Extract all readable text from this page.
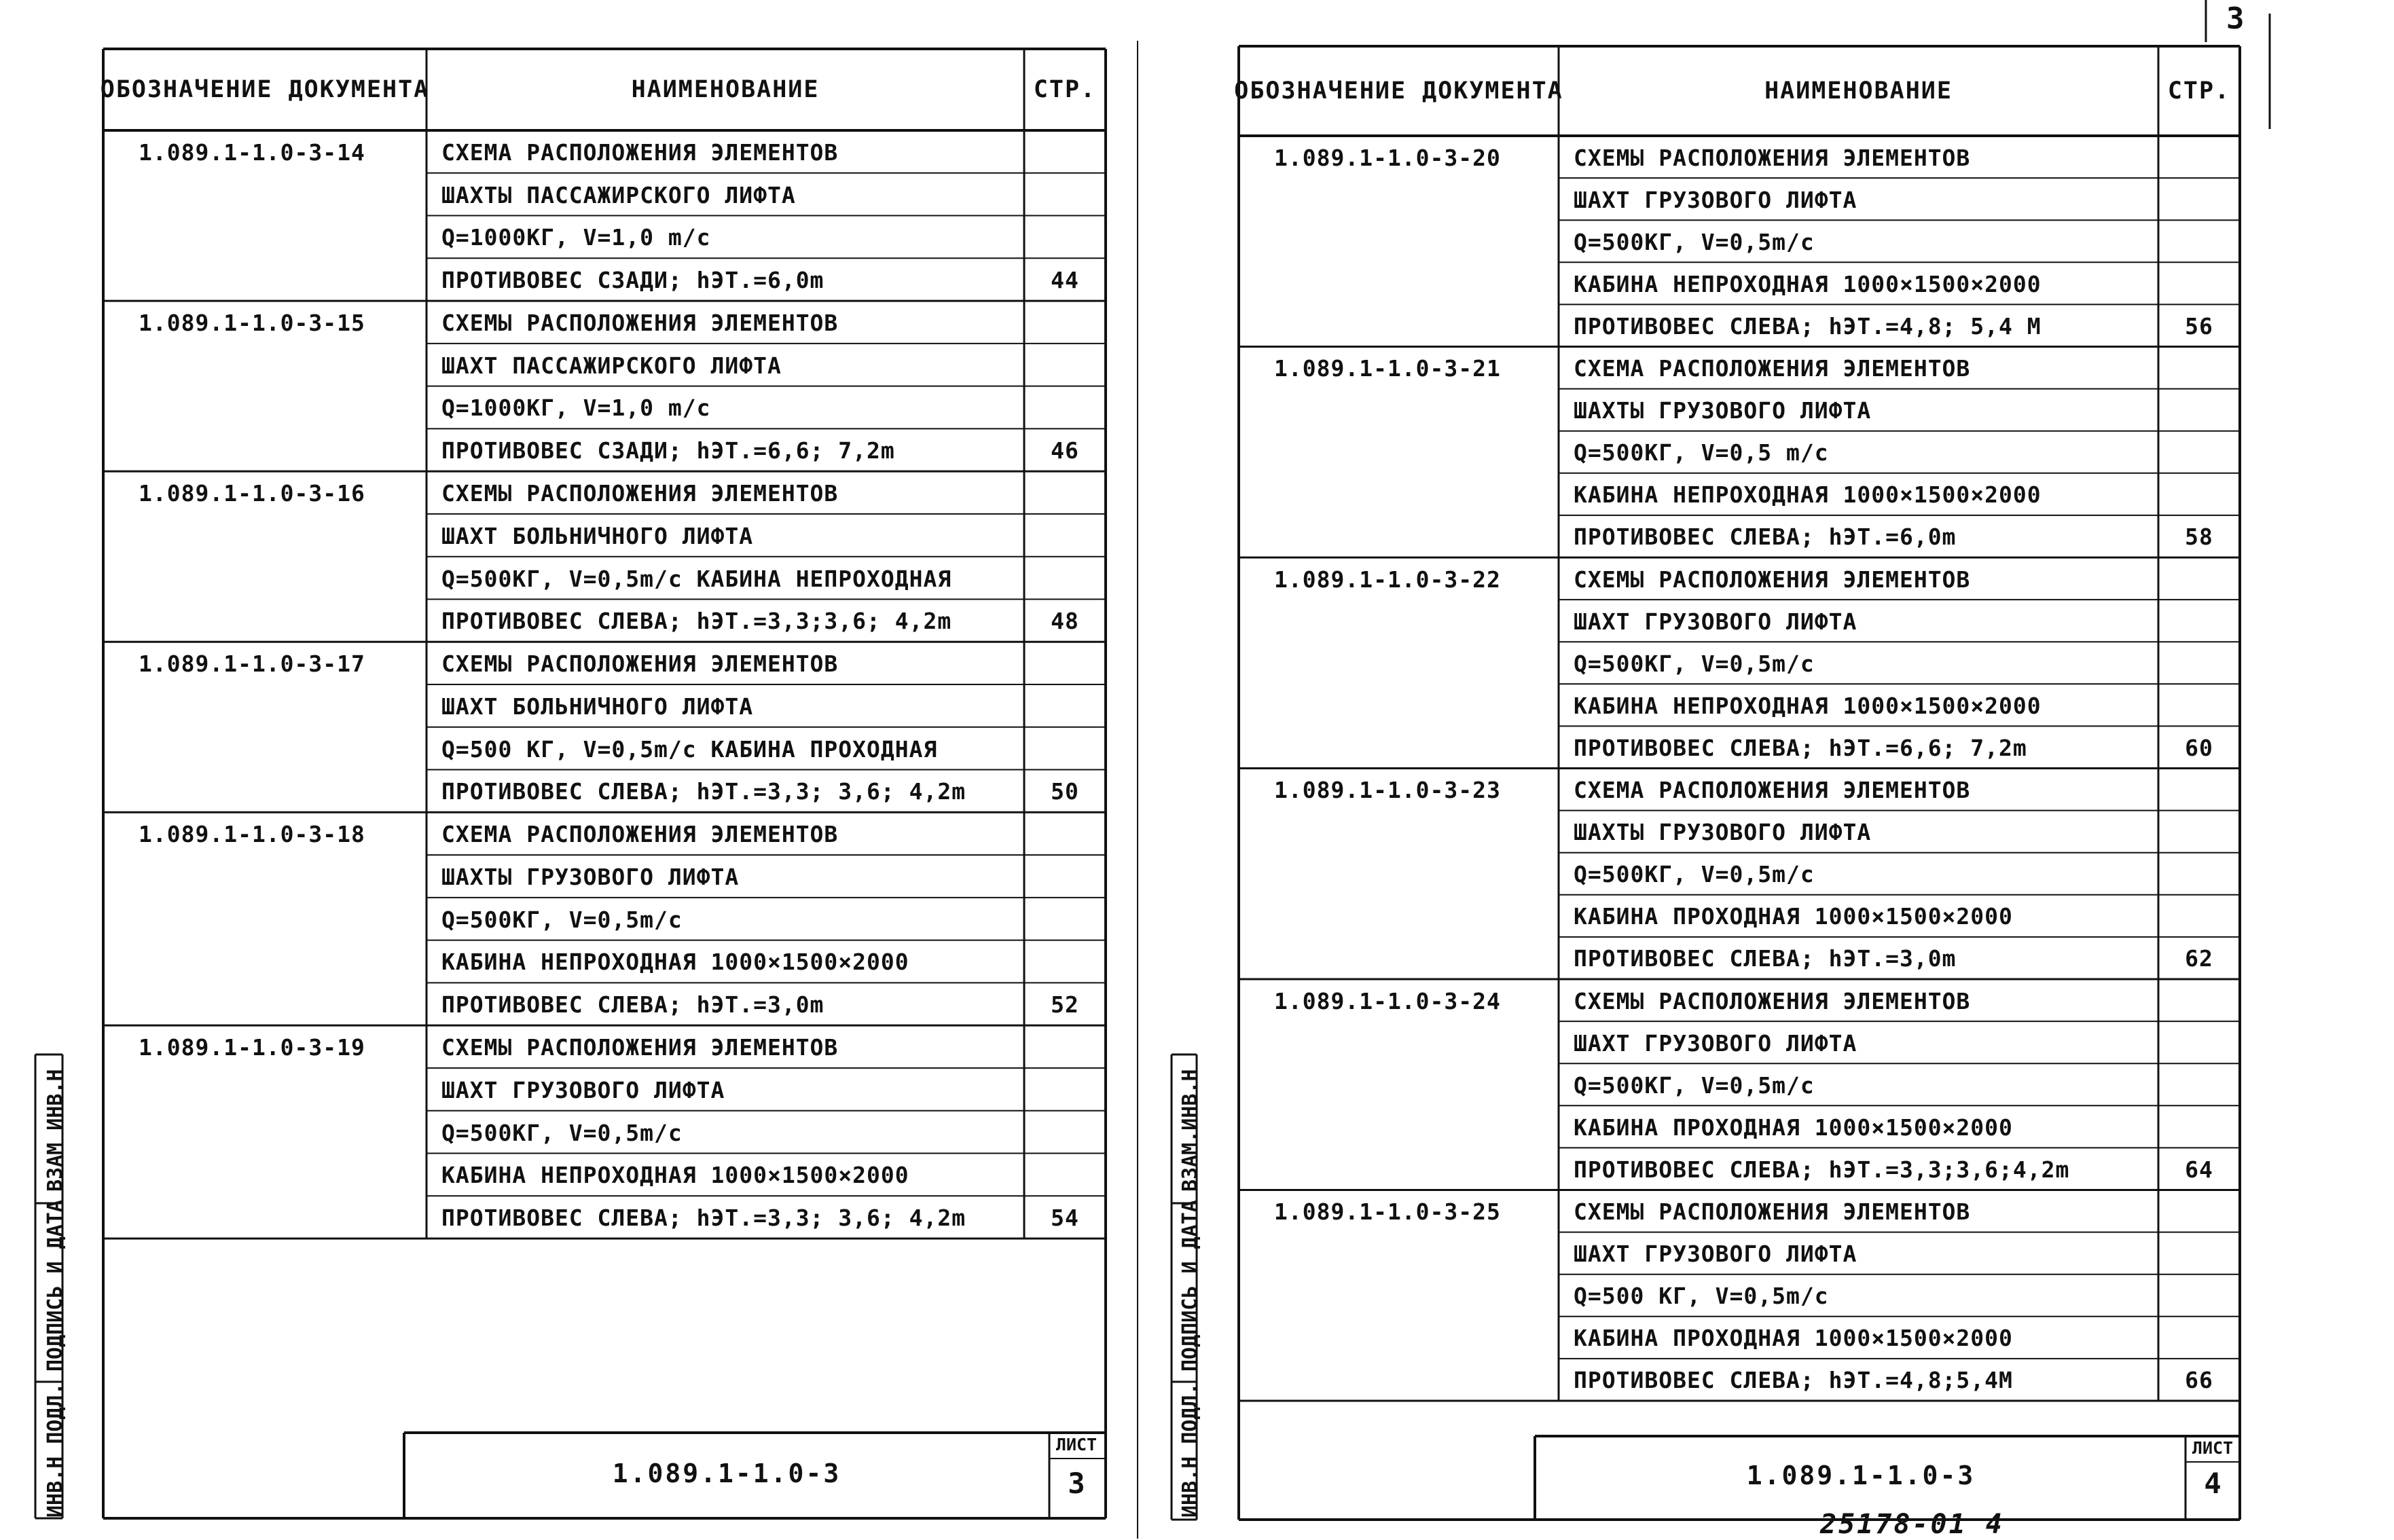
ОБОЗНАЧЕНИЕ ДОКУМЕНТА	НАИМЕНОВАНИЕ	СТР.
1.089.1-1.0-3-14	СХЕМА РАСПОЛОЖЕНИЯ ЭЛЕМЕНТОВ
ШАХТЫ ПАССАЖИРСКОГО ЛИФТА
Q=1000КГ, V=1,0 m/c
ПРОТИВОВЕС СЗАДИ; hЭТ.=6,0m	44
1.089.1-1.0-3-15	СХЕМЫ РАСПОЛОЖЕНИЯ ЭЛЕМЕНТОВ
ШАХТ ПАССАЖИРСКОГО ЛИФТА
Q=1000КГ, V=1,0 m/c
ПРОТИВОВЕС СЗАДИ; hЭТ.=6,6; 7,2m	46
1.089.1-1.0-3-16	СХЕМЫ РАСПОЛОЖЕНИЯ ЭЛЕМЕНТОВ
ШАХТ БОЛЬНИЧНОГО ЛИФТА
Q=500КГ, V=0,5m/c КАБИНА НЕПРОХОДНАЯ
ПРОТИВОВЕС СЛЕВА; hЭТ.=3,3;3,6; 4,2m	48
1.089.1-1.0-3-17	СХЕМЫ РАСПОЛОЖЕНИЯ ЭЛЕМЕНТОВ
ШАХТ БОЛЬНИЧНОГО ЛИФТА
Q=500 КГ, V=0,5m/c КАБИНА ПРОХОДНАЯ
ПРОТИВОВЕС СЛЕВА; hЭТ.=3,3; 3,6; 4,2m	50
1.089.1-1.0-3-18	СХЕМА РАСПОЛОЖЕНИЯ ЭЛЕМЕНТОВ
ШАХТЫ ГРУЗОВОГО ЛИФТА
Q=500КГ, V=0,5m/c
КАБИНА НЕПРОХОДНАЯ 1000×1500×2000
ПРОТИВОВЕС СЛЕВА; hЭТ.=3,0m	52
1.089.1-1.0-3-19	СХЕМЫ РАСПОЛОЖЕНИЯ ЭЛЕМЕНТОВ
ШАХТ ГРУЗОВОГО ЛИФТА
Q=500КГ, V=0,5m/c
КАБИНА НЕПРОХОДНАЯ 1000×1500×2000
ПРОТИВОВЕС СЛЕВА; hЭТ.=3,3; 3,6; 4,2m	54
1.089.1-1.0-3
ЛИСТ
3
ИНВ.Н ПОДЛ.
ПОДПИСЬ И ДАТА
ВЗАМ ИНВ.Н
ОБОЗНАЧЕНИЕ ДОКУМЕНТА	НАИМЕНОВАНИЕ	СТР.
1.089.1-1.0-3-20	СХЕМЫ РАСПОЛОЖЕНИЯ ЭЛЕМЕНТОВ
ШАХТ ГРУЗОВОГО ЛИФТА
Q=500КГ, V=0,5m/c
КАБИНА НЕПРОХОДНАЯ 1000×1500×2000
ПРОТИВОВЕС СЛЕВА; hЭТ.=4,8; 5,4 M	56
1.089.1-1.0-3-21	СХЕМА РАСПОЛОЖЕНИЯ ЭЛЕМЕНТОВ
ШАХТЫ ГРУЗОВОГО ЛИФТА
Q=500КГ, V=0,5 m/c
КАБИНА НЕПРОХОДНАЯ 1000×1500×2000
ПРОТИВОВЕС СЛЕВА; hЭТ.=6,0m	58
1.089.1-1.0-3-22	СХЕМЫ РАСПОЛОЖЕНИЯ ЭЛЕМЕНТОВ
ШАХТ ГРУЗОВОГО ЛИФТА
Q=500КГ, V=0,5m/c
КАБИНА НЕПРОХОДНАЯ 1000×1500×2000
ПРОТИВОВЕС СЛЕВА; hЭТ.=6,6; 7,2m	60
1.089.1-1.0-3-23	СХЕМА РАСПОЛОЖЕНИЯ ЭЛЕМЕНТОВ
ШАХТЫ ГРУЗОВОГО ЛИФТА
Q=500КГ, V=0,5m/c
КАБИНА ПРОХОДНАЯ 1000×1500×2000
ПРОТИВОВЕС СЛЕВА; hЭТ.=3,0m	62
1.089.1-1.0-3-24	СХЕМЫ РАСПОЛОЖЕНИЯ ЭЛЕМЕНТОВ
ШАХТ ГРУЗОВОГО ЛИФТА
Q=500КГ, V=0,5m/c
КАБИНА ПРОХОДНАЯ 1000×1500×2000
ПРОТИВОВЕС СЛЕВА; hЭТ.=3,3;3,6;4,2m	64
1.089.1-1.0-3-25	СХЕМЫ РАСПОЛОЖЕНИЯ ЭЛЕМЕНТОВ
ШАХТ ГРУЗОВОГО ЛИФТА
Q=500 КГ, V=0,5m/c
КАБИНА ПРОХОДНАЯ 1000×1500×2000
ПРОТИВОВЕС СЛЕВА; hЭТ.=4,8;5,4M	66
1.089.1-1.0-3
ЛИСТ
4
ИНВ.Н ПОДЛ.
ПОДПИСЬ И ДАТА
ВЗАМ.ИНВ.Н
3
25178-01 4
